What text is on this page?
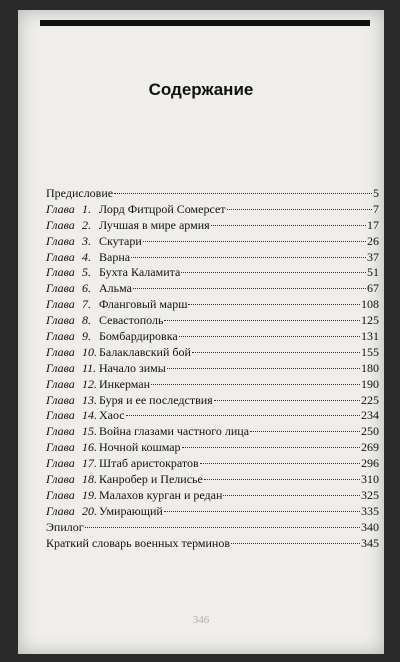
Содержание
Предисловие	5
Глава 1. Лорд Фитцрой Сомерсет	7
Глава 2. Лучшая в мире армия	17
Глава 3. Скутари	26
Глава 4. Варна	37
Глава 5. Бухта Каламита	51
Глава 6. Альма	67
Глава 7. Фланговый марш	108
Глава 8. Севастополь	125
Глава 9. Бомбардировка	131
Глава 10. Балаклавский бой	155
Глава 11. Начало зимы	180
Глава 12. Инкерман	190
Глава 13. Буря и ее последствия	225
Глава 14. Хаос	234
Глава 15. Война глазами частного лица	250
Глава 16. Ночной кошмар	269
Глава 17. Штаб аристократов	296
Глава 18. Канробер и Пелисье	310
Глава 19. Малахов курган и редан	325
Глава 20. Умирающий	335
Эпилог	340
Краткий словарь военных терминов	345
346
